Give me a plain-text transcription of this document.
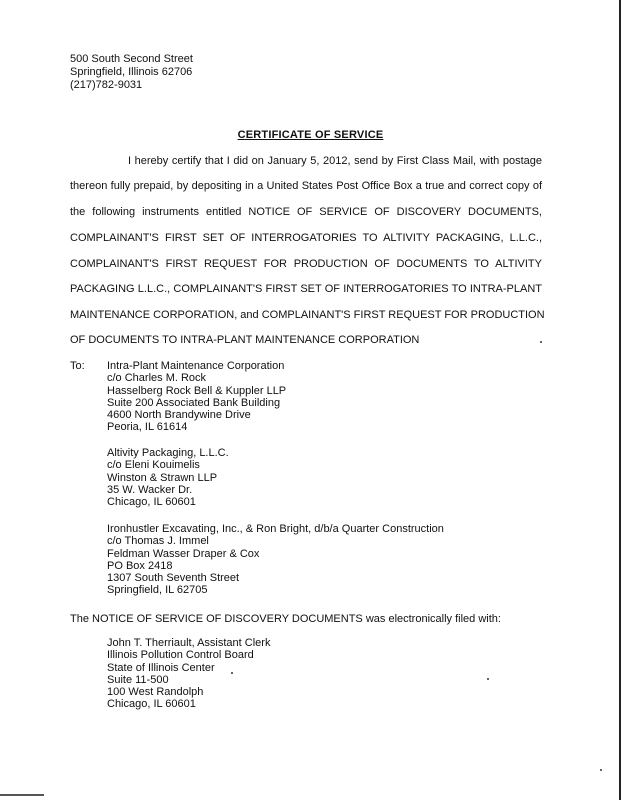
500 South Second Street
Springfield, Illinois 62706
(217)782-9031
CERTIFICATE OF SERVICE
I hereby certify that I did on January 5, 2012, send by First Class Mail, with postage
thereon fully prepaid, by depositing in a United States Post Office Box a true and correct copy of
the following instruments entitled NOTICE OF SERVICE OF DISCOVERY DOCUMENTS,
COMPLAINANT'S FIRST SET OF INTERROGATORIES TO ALTIVITY PACKAGING, L.L.C.,
COMPLAINANT'S FIRST REQUEST FOR PRODUCTION OF DOCUMENTS TO ALTIVITY
PACKAGING L.L.C., COMPLAINANT'S FIRST SET OF INTERROGATORIES TO INTRA-PLANT
MAINTENANCE CORPORATION, and COMPLAINANT'S FIRST REQUEST FOR PRODUCTION
OF DOCUMENTS TO INTRA-PLANT MAINTENANCE CORPORATION
To: Intra-Plant Maintenance Corporation
c/o Charles M. Rock
Hasselberg Rock Bell & Kuppler LLP
Suite 200 Associated Bank Building
4600 North Brandywine Drive
Peoria, IL 61614
Altivity Packaging, L.L.C.
c/o Eleni Kouimelis
Winston & Strawn LLP
35 W. Wacker Dr.
Chicago, IL 60601
Ironhustler Excavating, Inc., & Ron Bright, d/b/a Quarter Construction
c/o Thomas J. Immel
Feldman Wasser Draper & Cox
PO Box 2418
1307 South Seventh Street
Springfield, IL 62705
The NOTICE OF SERVICE OF DISCOVERY DOCUMENTS was electronically filed with:
John T. Therriault, Assistant Clerk
Illinois Pollution Control Board
State of Illinois Center
Suite 11-500
100 West Randolph
Chicago, IL 60601
